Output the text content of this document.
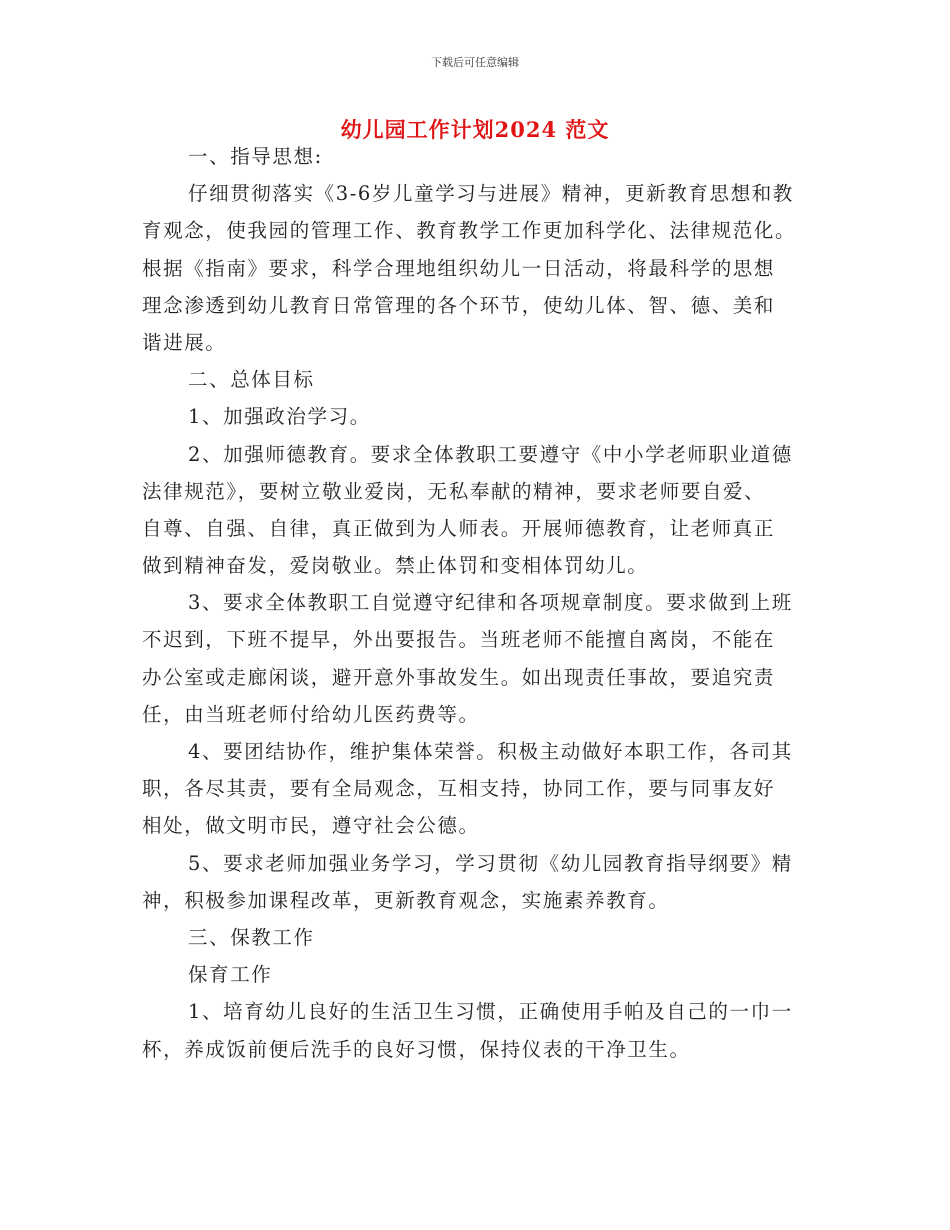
下载后可任意编辑
幼儿园工作计划2024 范文
一、指导思想:
仔细贯彻落实《3-6岁儿童学习与进展》精神，更新教育思想和教
育观念，使我园的管理工作、教育教学工作更加科学化、法律规范化。
根据《指南》要求，科学合理地组织幼儿一日活动，将最科学的思想
理念渗透到幼儿教育日常管理的各个环节，使幼儿体、智、德、美和
谐进展。
二、总体目标
1、加强政治学习。
2、加强师德教育。要求全体教职工要遵守《中小学老师职业道德
法律规范》，要树立敬业爱岗，无私奉献的精神，要求老师要自爱、
自尊、自强、自律，真正做到为人师表。开展师德教育，让老师真正
做到精神奋发，爱岗敬业。禁止体罚和变相体罚幼儿。
3、要求全体教职工自觉遵守纪律和各项规章制度。要求做到上班
不迟到，下班不提早，外出要报告。当班老师不能擅自离岗，不能在
办公室或走廊闲谈，避开意外事故发生。如出现责任事故，要追究责
任，由当班老师付给幼儿医药费等。
4、要团结协作，维护集体荣誉。积极主动做好本职工作，各司其
职，各尽其责，要有全局观念，互相支持，协同工作，要与同事友好
相处，做文明市民，遵守社会公德。
5、要求老师加强业务学习，学习贯彻《幼儿园教育指导纲要》精
神，积极参加课程改革，更新教育观念，实施素养教育。
三、保教工作
保育工作
1、培育幼儿良好的生活卫生习惯，正确使用手帕及自己的一巾一
杯，养成饭前便后洗手的良好习惯，保持仪表的干净卫生。
